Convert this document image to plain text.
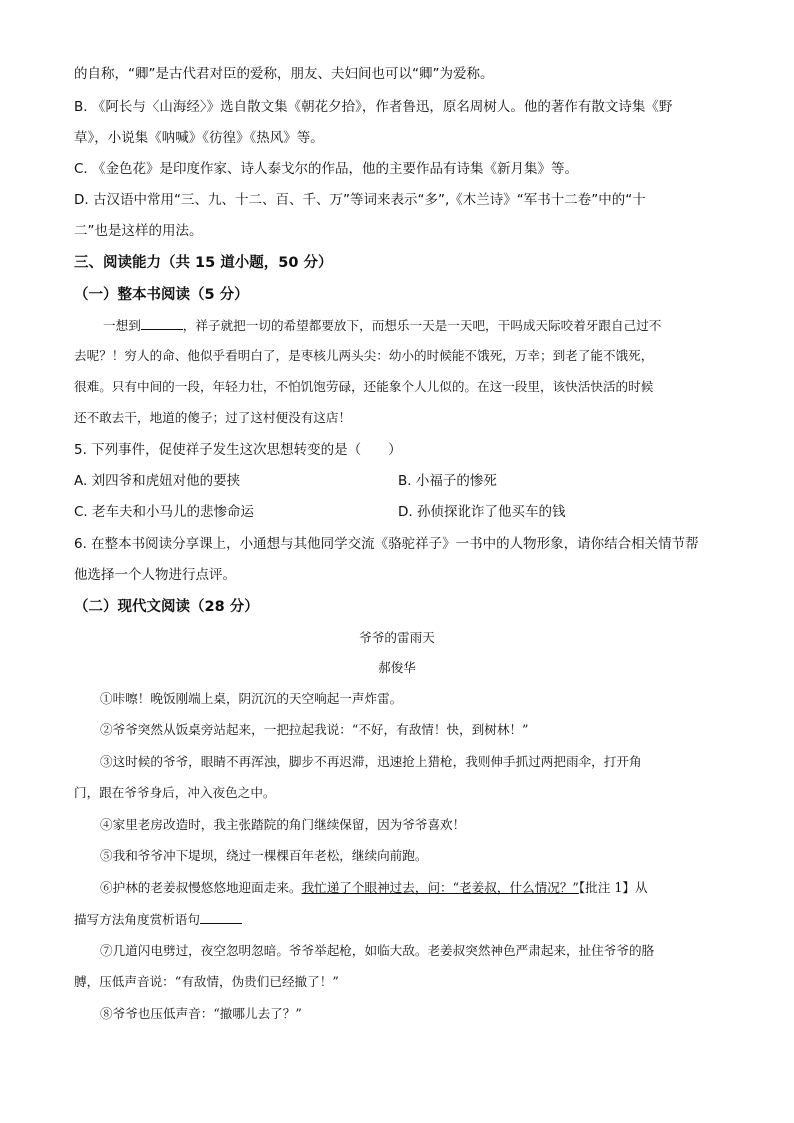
的自称，“卿”是古代君对臣的爱称，朋友、夫妇间也可以“卿”为爱称。
B. 《阿长与〈山海经〉》选自散文集《朝花夕拾》，作者鲁迅，原名周树人。他的著作有散文诗集《野
草》，小说集《呐喊》《彷徨》《热风》等。
C. 《金色花》是印度作家、诗人泰戈尔的作品，他的主要作品有诗集《新月集》等。
D. 古汉语中常用“三、九、十二、百、千、万”等词来表示“多”,《木兰诗》“军书十二卷”中的“十
二”也是这样的用法。
三、阅读能力（共 15 道小题，50 分）
（一）整本书阅读（5 分）
一想到	，祥子就把一切的希望都要放下，而想乐一天是一天吧，干吗成天际咬着牙跟自己过不
去呢？！穷人的命、他似乎看明白了，是枣核儿两头尖：幼小的时候能不饿死，万幸；到老了能不饿死，
很难。只有中间的一段，年轻力壮，不怕饥饱劳碌，还能象个人儿似的。在这一段里，该快活快活的时候
还不敢去干，地道的傻子；过了这村便没有这店！
5. 下列事件，促使祥子发生这次思想转变的是（　　）
A. 刘四爷和虎妞对他的要挟	B. 小福子的惨死
C. 老车夫和小马儿的悲惨命运	D. 孙侦探讹诈了他买车的钱
6. 在整本书阅读分享课上，小通想与其他同学交流《骆驼祥子》一书中的人物形象，请你结合相关情节帮
他选择一个人物进行点评。
（二）现代文阅读（28 分）
爷爷的雷雨天
郝俊华
①咔嚓！晚饭刚端上桌，阴沉沉的天空响起一声炸雷。
②爷爷突然从饭桌旁站起来，一把拉起我说：“不好，有敌情！快，到树林！”
③这时候的爷爷，眼睛不再浑浊，脚步不再迟滞，迅速抢上猎枪，我则伸手抓过两把雨伞，打开角
门，跟在爷爷身后，冲入夜色之中。
④家里老房改造时，我主张踏院的角门继续保留，因为爷爷喜欢！
⑤我和爷爷冲下堤坝，绕过一棵棵百年老松，继续向前跑。
⑥护林的老姜叔慢悠悠地迎面走来。我忙递了个眼神过去，问：“老姜叔，什么情况？”【批注 1】从
描写方法角度赏析语句
⑦几道闪电劈过，夜空忽明忽暗。爷爷举起枪，如临大敌。老姜叔突然神色严肃起来，扯住爷爷的胳
膊，压低声音说：“有敌情，伪贵们已经撤了！”
⑧爷爷也压低声音：“撤哪儿去了？”
